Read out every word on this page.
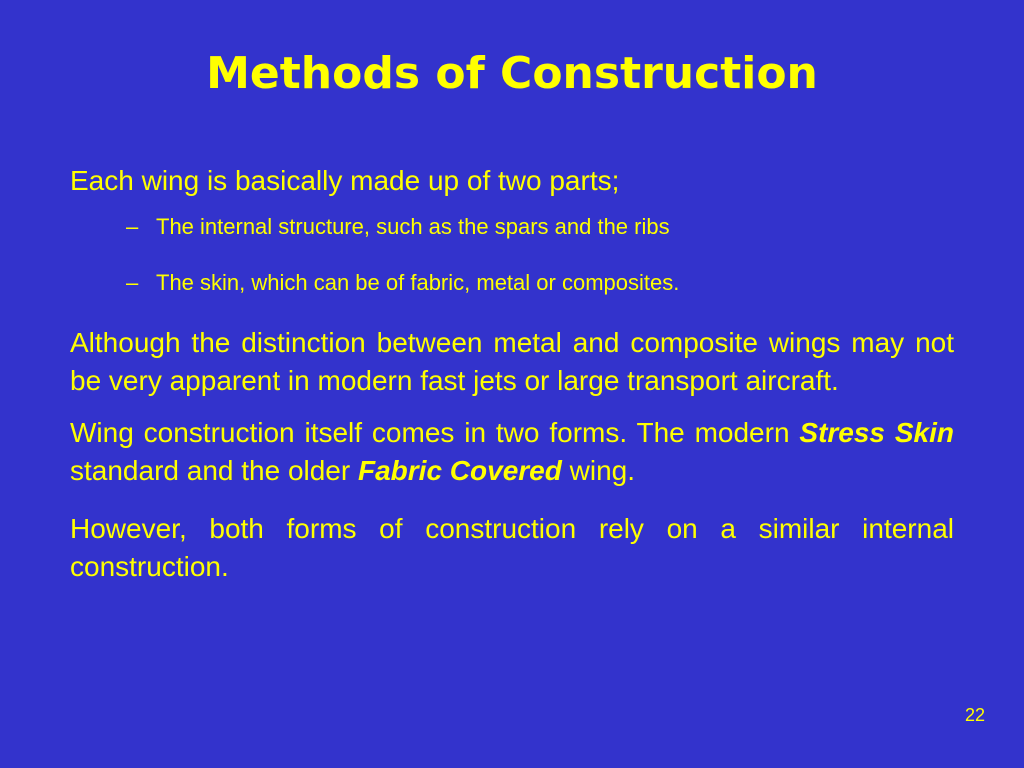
Methods of Construction

Each wing is basically made up of two parts;

– The internal structure, such as the spars and the ribs

– The skin, which can be of fabric, metal or composites.

Although the distinction between metal and composite wings may not be very apparent in modern fast jets or large transport aircraft.

Wing construction itself comes in two forms. The modern Stress Skin standard and the older Fabric Covered wing.

However, both forms of construction rely on a similar internal construction.

22
